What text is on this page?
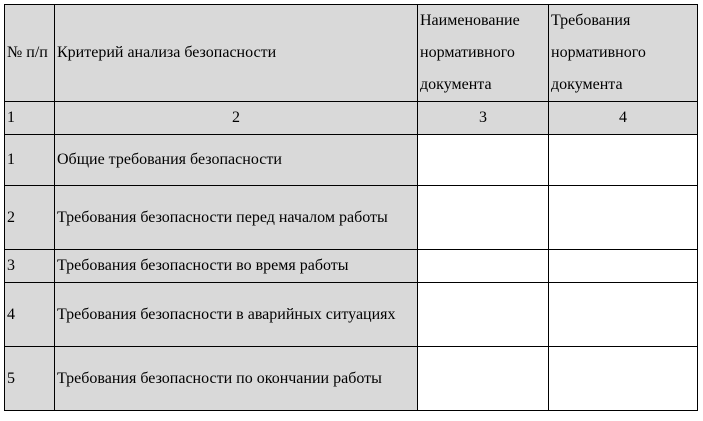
№ п/п	Критерий анализа безопасности	Наименование нормативного документа	Требования нормативного документа
1	2	3	4
1	Общие требования безопасности		
2	Требования безопасности перед началом работы		
3	Требования безопасности во время работы		
4	Требования безопасности в аварийных ситуациях		
5	Требования безопасности по окончании работы		
